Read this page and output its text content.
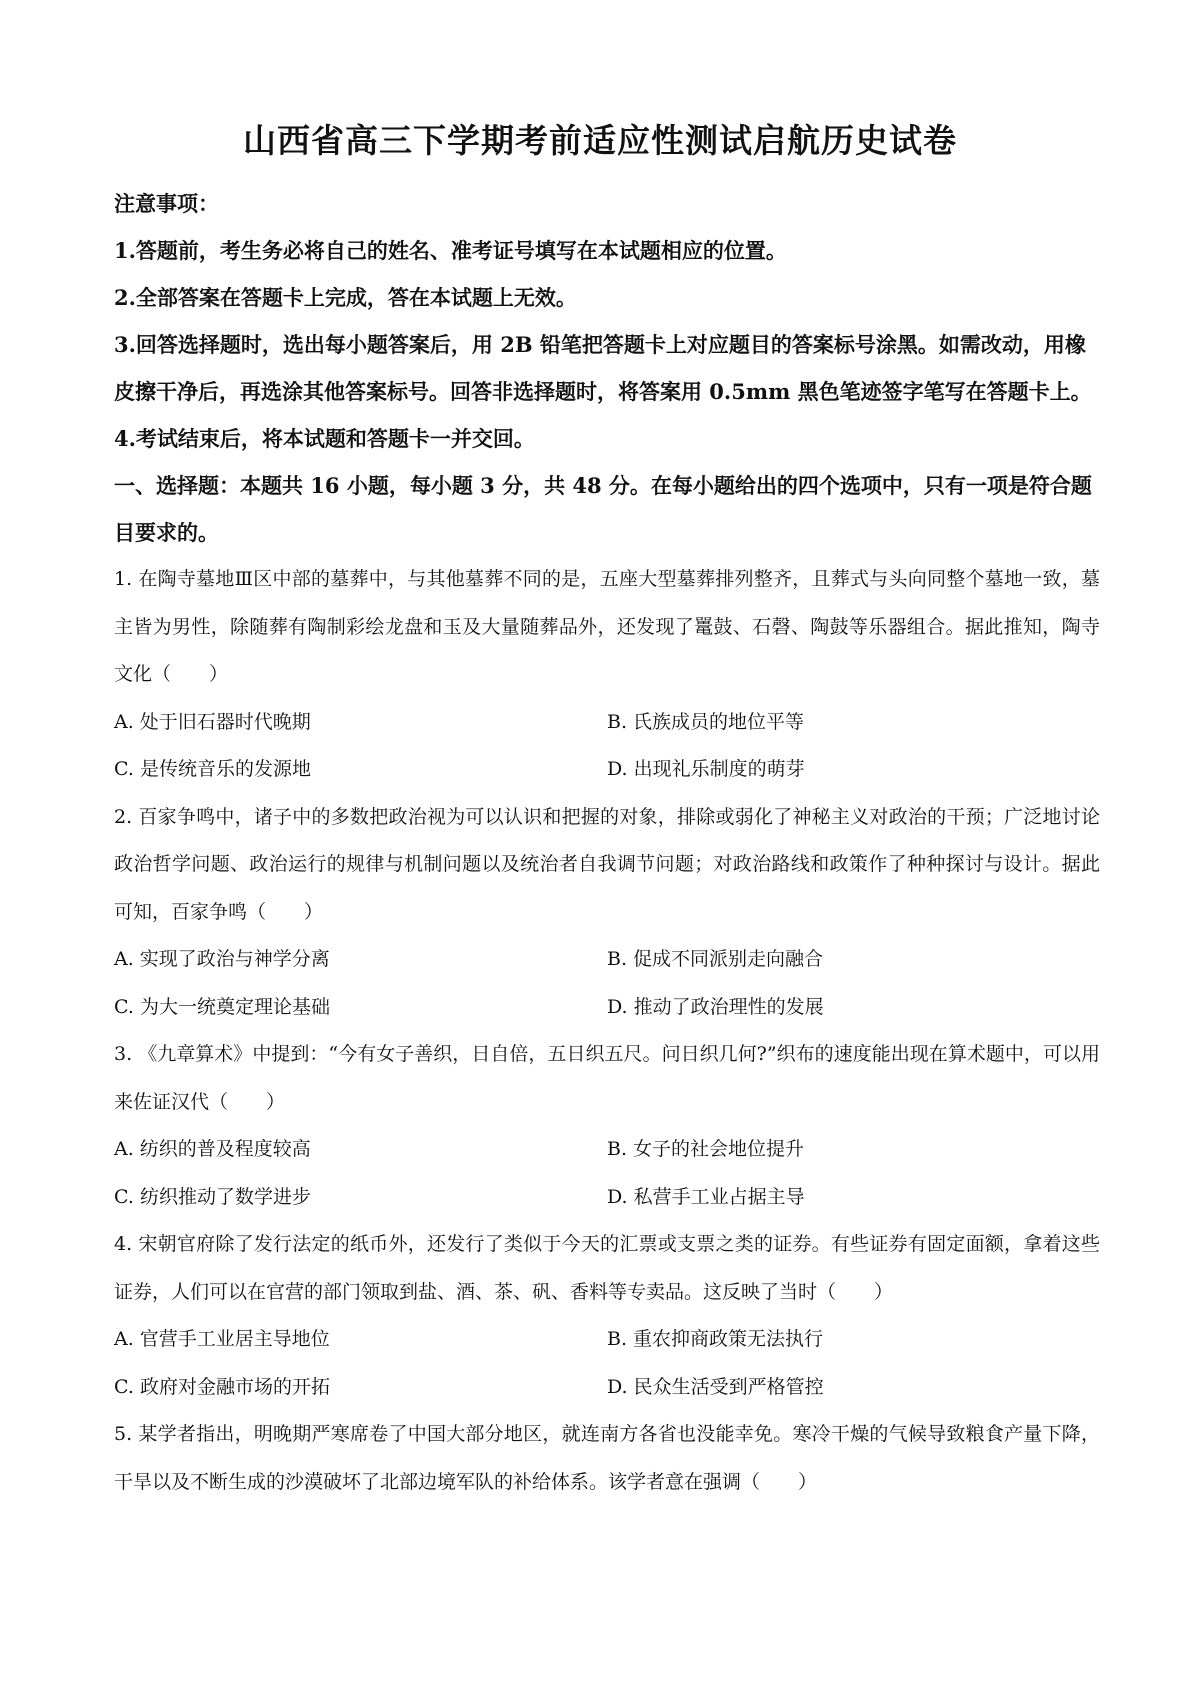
山西省高三下学期考前适应性测试启航历史试卷

注意事项：

1.答题前，考生务必将自己的姓名、准考证号填写在本试题相应的位置。

2.全部答案在答题卡上完成，答在本试题上无效。

3.回答选择题时，选出每小题答案后，用 2B 铅笔把答题卡上对应题目的答案标号涂黑。如需改动，用橡皮擦干净后，再选涂其他答案标号。回答非选择题时，将答案用 0.5mm 黑色笔迹签字笔写在答题卡上。

4.考试结束后，将本试题和答题卡一并交回。

一、选择题：本题共 16 小题，每小题 3 分，共 48 分。在每小题给出的四个选项中，只有一项是符合题目要求的。

1. 在陶寺墓地Ⅲ区中部的墓葬中，与其他墓葬不同的是，五座大型墓葬排列整齐，且葬式与头向同整个墓地一致，墓主皆为男性，除随葬有陶制彩绘龙盘和玉及大量随葬品外，还发现了鼍鼓、石磬、陶鼓等乐器组合。据此推知，陶寺文化（　　）

A. 处于旧石器时代晚期	B. 氏族成员的地位平等
C. 是传统音乐的发源地	D. 出现礼乐制度的萌芽

2. 百家争鸣中，诸子中的多数把政治视为可以认识和把握的对象，排除或弱化了神秘主义对政治的干预；广泛地讨论政治哲学问题、政治运行的规律与机制问题以及统治者自我调节问题；对政治路线和政策作了种种探讨与设计。据此可知，百家争鸣（　　）

A. 实现了政治与神学分离	B. 促成不同派别走向融合
C. 为大一统奠定理论基础	D. 推动了政治理性的发展

3. 《九章算术》中提到：“今有女子善织，日自倍，五日织五尺。问日织几何?”织布的速度能出现在算术题中，可以用来佐证汉代（　　）

A. 纺织的普及程度较高	B. 女子的社会地位提升
C. 纺织推动了数学进步	D. 私营手工业占据主导

4. 宋朝官府除了发行法定的纸币外，还发行了类似于今天的汇票或支票之类的证券。有些证券有固定面额，拿着这些证券，人们可以在官营的部门领取到盐、酒、茶、矾、香料等专卖品。这反映了当时（　　）

A. 官营手工业居主导地位	B. 重农抑商政策无法执行
C. 政府对金融市场的开拓	D. 民众生活受到严格管控

5. 某学者指出，明晚期严寒席卷了中国大部分地区，就连南方各省也没能幸免。寒冷干燥的气候导致粮食产量下降，干旱以及不断生成的沙漠破坏了北部边境军队的补给体系。该学者意在强调（　　）
